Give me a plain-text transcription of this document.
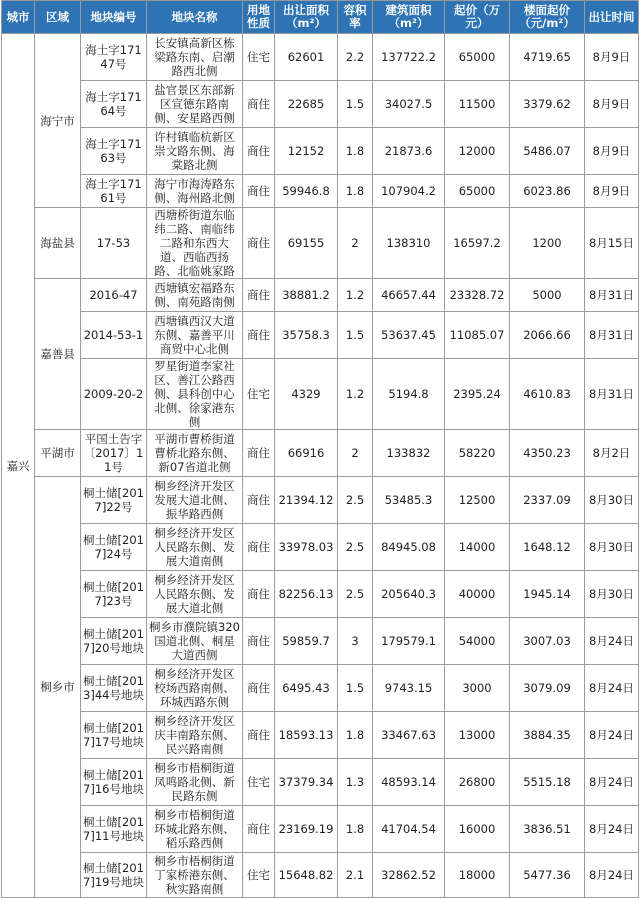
城市	区域	地块编号	地块名称	用地性质	出让面积（m²）	容积率	建筑面积（m²）	起价（万元）	楼面起价（元/m²）	出让时间
嘉兴	海宁市	海土字17147号	长安镇高新区栋梁路东南、启潮路西北侧	住宅	62601	2.2	137722.2	65000	4719.65	8月9日
		海土字17164号	盐官景区东部新区宣德东路南侧、安星路西侧	商住	22685	1.5	34027.5	11500	3379.62	8月9日
		海土字17163号	许村镇临杭新区崇文路东侧、海棠路北侧	商住	12152	1.8	21873.6	12000	5486.07	8月9日
		海土字17161号	海宁市海涛路东侧、海州路北侧	商住	59946.8	1.8	107904.2	65000	6023.86	8月9日
	海盐县	17-53	西塘桥街道东临纬二路、南临纬二路和东西大道、西临西扬路、北临姚家路	商住	69155	2	138310	16597.2	1200	8月15日
	嘉善县	2016-47	西塘镇宏福路东侧、南苑路南侧	商住	38881.2	1.2	46657.44	23328.72	5000	8月31日
		2014-53-1	西塘镇西汉大道东侧、嘉善平川商贸中心北侧	商住	35758.3	1.5	53637.45	11085.07	2066.66	8月31日
		2009-20-2	罗星街道李家社区、善江公路西侧、县科创中心北侧、徐家港东侧	住宅	4329	1.2	5194.8	2395.24	4610.83	8月31日
	平湖市	平国土告字〔2017〕11号	平湖市曹桥街道曹桥北路东侧、新07省道北侧	商住	66916	2	133832	58220	4350.23	8月2日
	桐乡市	桐土储[2017]22号	桐乡经济开发区发展大道北侧、振华路西侧	商住	21394.12	2.5	53485.3	12500	2337.09	8月30日
		桐土储[2017]24号	桐乡经济开发区人民路东侧、发展大道南侧	商住	33978.03	2.5	84945.08	14000	1648.12	8月30日
		桐土储[2017]23号	桐乡经济开发区人民路东侧、发展大道北侧	商住	82256.13	2.5	205640.3	40000	1945.14	8月30日
		桐土储[2017]20号地块	桐乡市濮院镇320国道北侧、桐星大道西侧	商住	59859.7	3	179579.1	54000	3007.03	8月24日
		桐土储[2013]44号地块	桐乡经济开发区校场西路南侧、环城西路东侧	商住	6495.43	1.5	9743.15	3000	3079.09	8月24日
		桐土储[2017]17号地块	桐乡经济开发区庆丰南路东侧、民兴路南侧	商住	18593.13	1.8	33467.63	13000	3884.35	8月24日
		桐土储[2017]16号地块	桐乡市梧桐街道凤鸣路北侧、新民路东侧	住宅	37379.34	1.3	48593.14	26800	5515.18	8月24日
		桐土储[2017]11号地块	桐乡市梧桐街道环城北路东侧、稻乐路西侧	商住	23169.19	1.8	41704.54	16000	3836.51	8月24日
		桐土储[2017]19号地块	桐乡市梧桐街道丁家桥港东侧、秋实路南侧	住宅	15648.82	2.1	32862.52	18000	5477.36	8月24日
